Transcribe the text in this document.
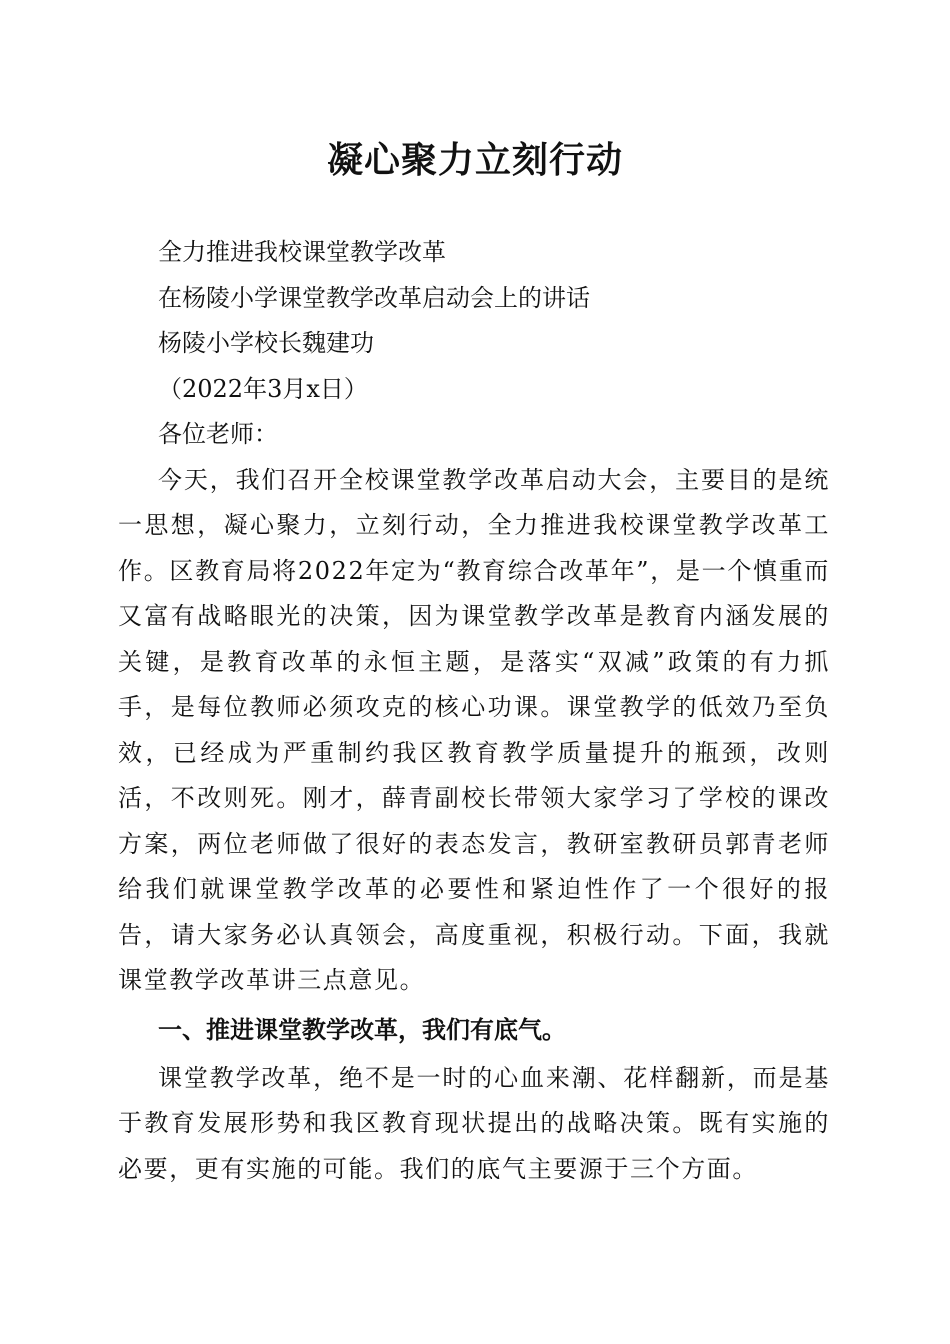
凝心聚力立刻行动

全力推进我校课堂教学改革

在杨陵小学课堂教学改革启动会上的讲话

杨陵小学校长魏建功

（2022年3月x日）

各位老师：

今天，我们召开全校课堂教学改革启动大会，主要目的是统一思想，凝心聚力，立刻行动，全力推进我校课堂教学改革工作。区教育局将2022年定为“教育综合改革年”，是一个慎重而又富有战略眼光的决策，因为课堂教学改革是教育内涵发展的关键，是教育改革的永恒主题，是落实“双减”政策的有力抓手，是每位教师必须攻克的核心功课。课堂教学的低效乃至负效，已经成为严重制约我区教育教学质量提升的瓶颈，改则活，不改则死。刚才，薛青副校长带领大家学习了学校的课改方案，两位老师做了很好的表态发言，教研室教研员郭青老师给我们就课堂教学改革的必要性和紧迫性作了一个很好的报告，请大家务必认真领会，高度重视，积极行动。下面，我就课堂教学改革讲三点意见。

一、推进课堂教学改革，我们有底气。

课堂教学改革，绝不是一时的心血来潮、花样翻新，而是基于教育发展形势和我区教育现状提出的战略决策。既有实施的必要，更有实施的可能。我们的底气主要源于三个方面。
